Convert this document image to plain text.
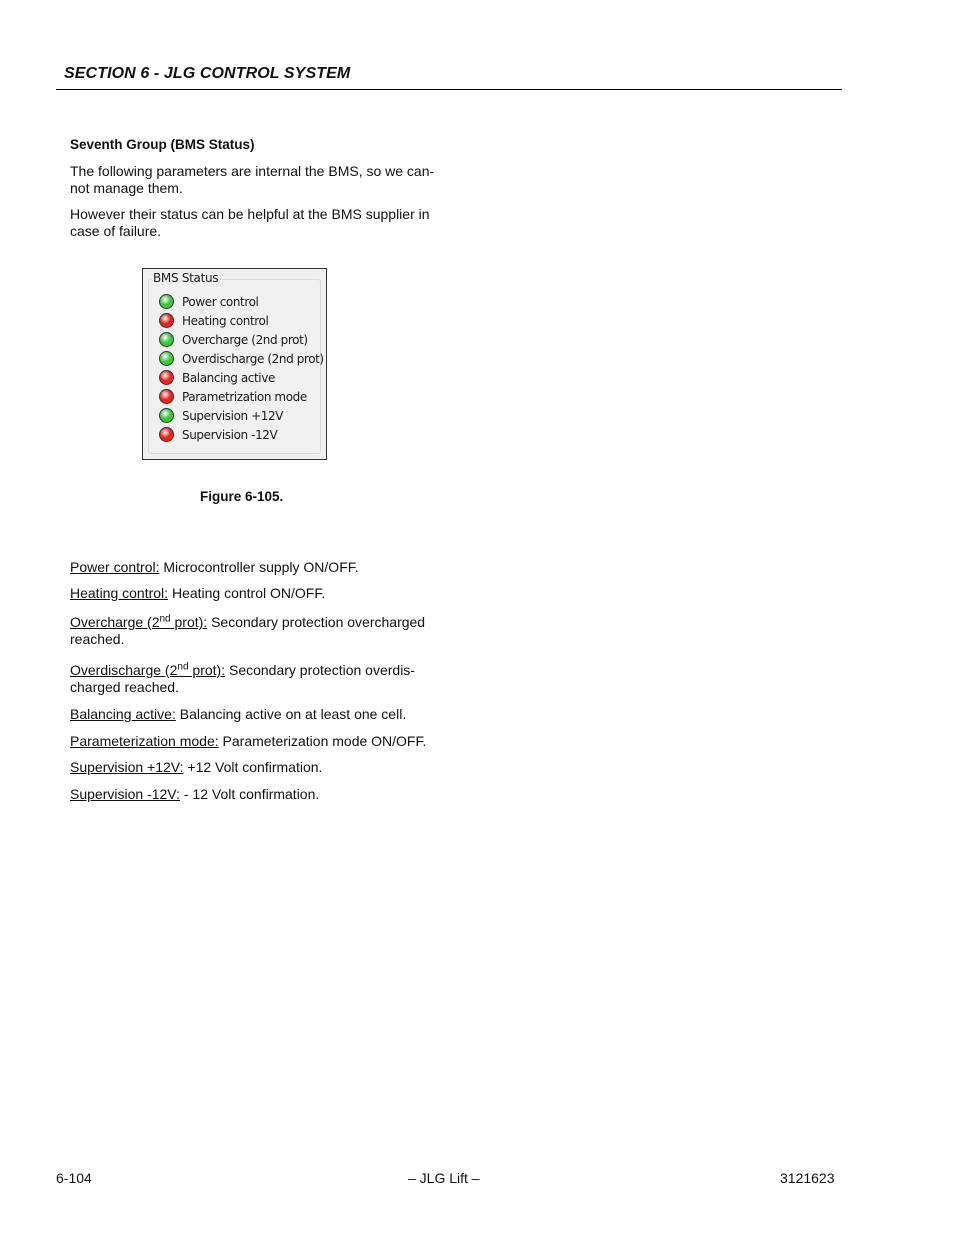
SECTION 6 - JLG CONTROL SYSTEM
Seventh Group (BMS Status)
The following parameters are internal the BMS, so we can-not manage them.
However their status can be helpful at the BMS supplier in case of failure.
Power control
Heating control
Overcharge (2nd prot)
Overdischarge (2nd prot)
Balancing active
Parametrization mode
Supervision +12V
Supervision -12V
BMS Status
Figure 6-105.
Power control: Microcontroller supply ON/OFF.
Heating control: Heating control ON/OFF.
Overcharge (2nd prot): Secondary protection overcharged reached.
Overdischarge (2nd prot): Secondary protection overdis-charged reached.
Balancing active: Balancing active on at least one cell.
Parameterization mode: Parameterization mode ON/OFF.
Supervision +12V: +12 Volt confirmation.
Supervision -12V: - 12 Volt confirmation.
6-104	– JLG Lift –	3121623
